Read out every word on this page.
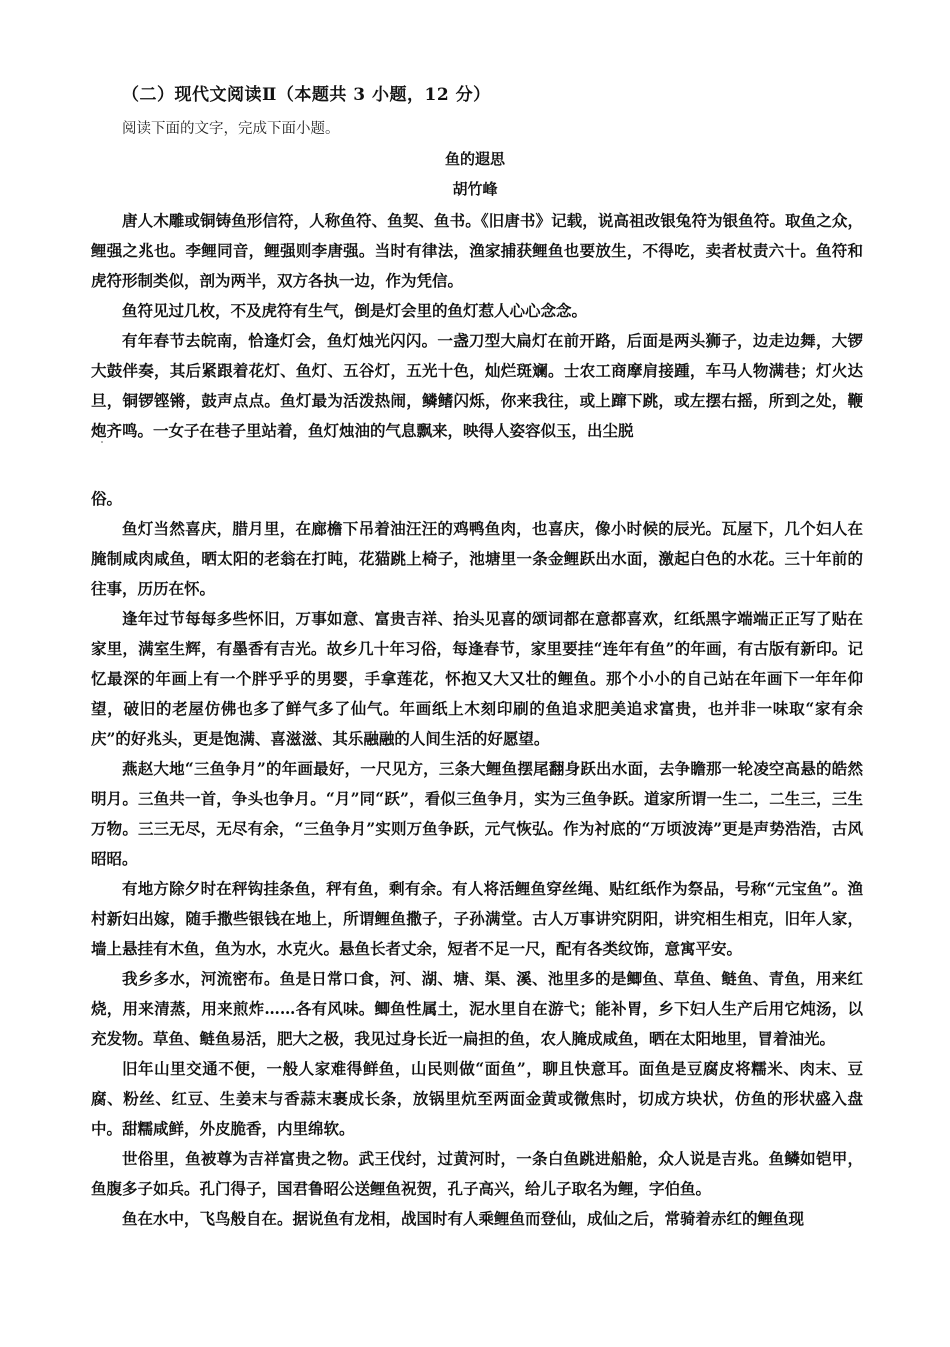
（二）现代文阅读Ⅱ（本题共 3 小题，12 分）
阅读下面的文字，完成下面小题。
鱼的遐思
胡竹峰

唐人木雕或铜铸鱼形信符，人称鱼符、鱼契、鱼书。《旧唐书》记载，说高祖改银兔符为银鱼符。取鱼之众，鲤强之兆也。李鲤同音，鲤强则李唐强。当时有律法，渔家捕获鲤鱼也要放生，不得吃，卖者杖责六十。鱼符和虎符形制类似，剖为两半，双方各执一边，作为凭信。

鱼符见过几枚，不及虎符有生气，倒是灯会里的鱼灯惹人心心念念。

有年春节去皖南，恰逢灯会，鱼灯烛光闪闪。一盏刀型大扁灯在前开路，后面是两头狮子，边走边舞，大锣大鼓伴奏，其后紧跟着花灯、鱼灯、五谷灯，五光十色，灿烂斑斓。士农工商摩肩接踵，车马人物满巷；灯火达旦，铜锣铿锵，鼓声点点。鱼灯最为活泼热闹，鳞鳍闪烁，你来我往，或上蹿下跳，或左摆右摇，所到之处，鞭炮齐鸣。一女子在巷子里站着，鱼灯烛油的气息飘来，映得人姿容似玉，出尘脱

俗。

鱼灯当然喜庆，腊月里，在廊檐下吊着油汪汪的鸡鸭鱼肉，也喜庆，像小时候的辰光。瓦屋下，几个妇人在腌制咸肉咸鱼，晒太阳的老翁在打盹，花猫跳上椅子，池塘里一条金鲤跃出水面，激起白色的水花。三十年前的往事，历历在怀。

逢年过节每每多些怀旧，万事如意、富贵吉祥、抬头见喜的颂词都在意都喜欢，红纸黑字端端正正写了贴在家里，满室生辉，有墨香有吉光。故乡几十年习俗，每逢春节，家里要挂“连年有鱼”的年画，有古版有新印。记忆最深的年画上有一个胖乎乎的男婴，手拿莲花，怀抱又大又壮的鲤鱼。那个小小的自己站在年画下一年年仰望，破旧的老屋仿佛也多了鲜气多了仙气。年画纸上木刻印刷的鱼追求肥美追求富贵，也并非一味取“家有余庆”的好兆头，更是饱满、喜滋滋、其乐融融的人间生活的好愿望。

燕赵大地“三鱼争月”的年画最好，一尺见方，三条大鲤鱼摆尾翻身跃出水面，去争瞻那一轮凌空高悬的皓然明月。三鱼共一首，争头也争月。“月”同“跃”，看似三鱼争月，实为三鱼争跃。道家所谓一生二，二生三，三生万物。三三无尽，无尽有余，“三鱼争月”实则万鱼争跃，元气恢弘。作为衬底的“万顷波涛”更是声势浩浩，古风昭昭。

有地方除夕时在秤钩挂条鱼，秤有鱼，剩有余。有人将活鲤鱼穿丝绳、贴红纸作为祭品，号称“元宝鱼”。渔村新妇出嫁，随手撒些银钱在地上，所谓鲤鱼撒子，子孙满堂。古人万事讲究阴阳，讲究相生相克，旧年人家，墙上悬挂有木鱼，鱼为水，水克火。悬鱼长者丈余，短者不足一尺，配有各类纹饰，意寓平安。

我乡多水，河流密布。鱼是日常口食，河、湖、塘、渠、溪、池里多的是鲫鱼、草鱼、鲢鱼、青鱼，用来红烧，用来清蒸，用来煎炸……各有风味。鲫鱼性属土，泥水里自在游弋；能补胃，乡下妇人生产后用它炖汤，以充发物。草鱼、鲢鱼易活，肥大之极，我见过身长近一扁担的鱼，农人腌成咸鱼，晒在太阳地里，冒着油光。

旧年山里交通不便，一般人家难得鲜鱼，山民则做“面鱼”，聊且快意耳。面鱼是豆腐皮将糯米、肉末、豆腐、粉丝、红豆、生姜末与香蒜末裹成长条，放锅里炕至两面金黄或微焦时，切成方块状，仿鱼的形状盛入盘中。甜糯咸鲜，外皮脆香，内里绵软。

世俗里，鱼被尊为吉祥富贵之物。武王伐纣，过黄河时，一条白鱼跳进船舱，众人说是吉兆。鱼鳞如铠甲，鱼腹多子如兵。孔门得子，国君鲁昭公送鲤鱼祝贺，孔子高兴，给儿子取名为鲤，字伯鱼。

鱼在水中，飞鸟般自在。据说鱼有龙相，战国时有人乘鲤鱼而登仙，成仙之后，常骑着赤红的鲤鱼现
